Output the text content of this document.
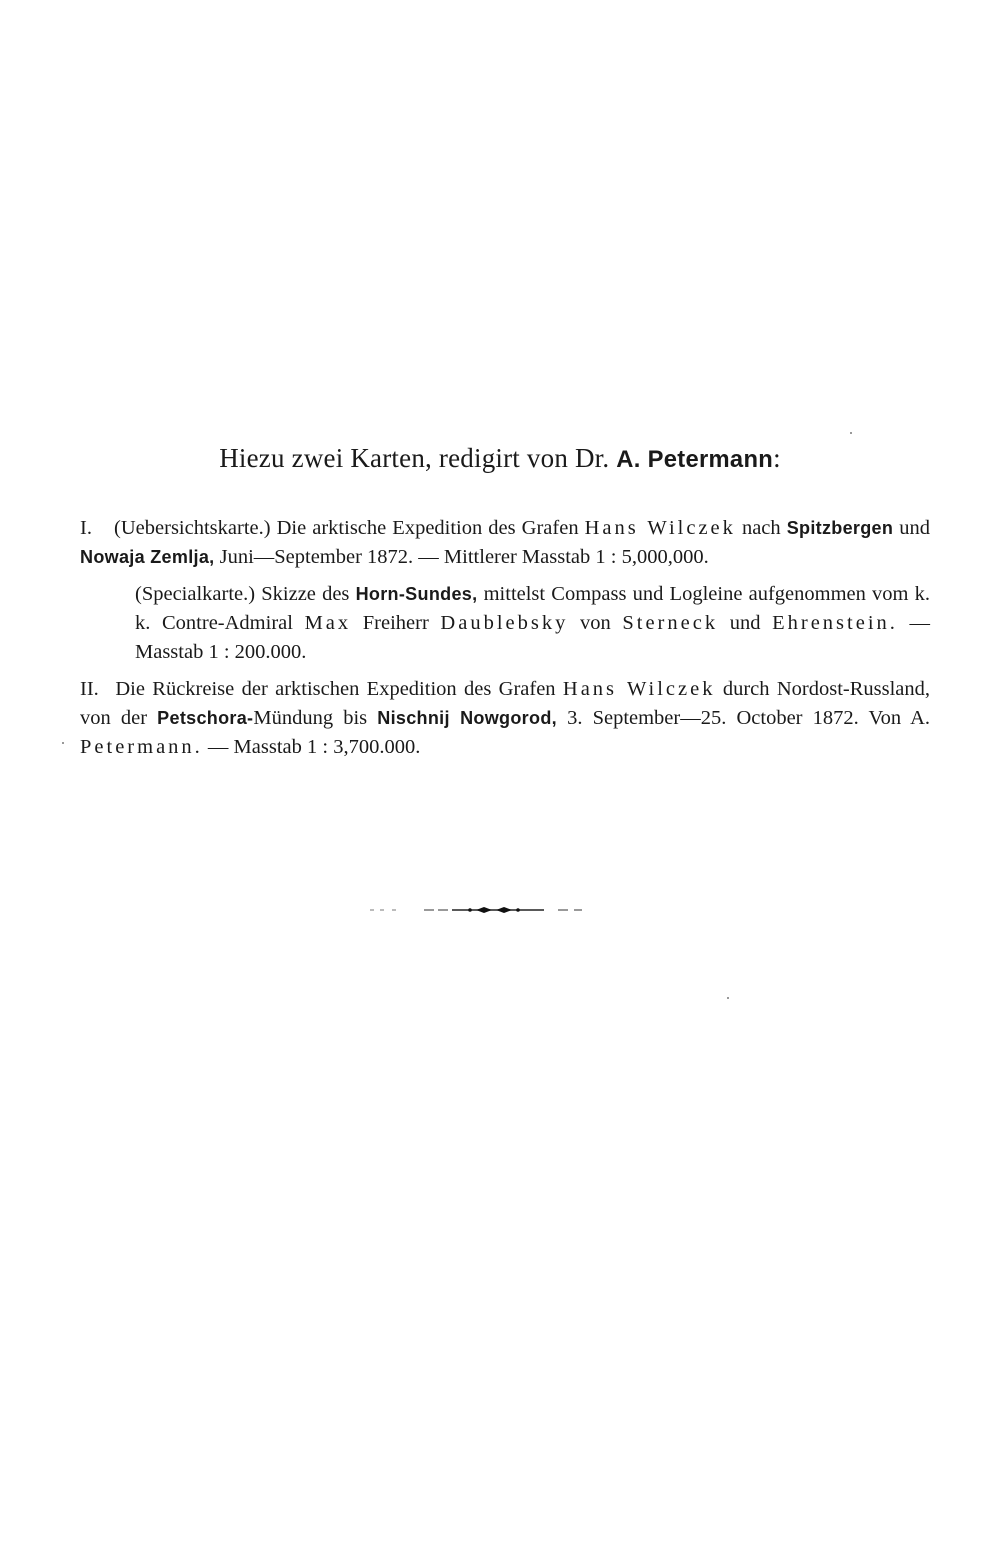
Hiezu zwei Karten, redigirt von Dr. A. Petermann:

I. (Uebersichtskarte.) Die arktische Expedition des Grafen Hans Wilczek nach Spitzbergen und Nowaja Zemlja, Juni—September 1872. — Mittlerer Masstab 1 : 5,000,000.

(Specialkarte.) Skizze des Horn-Sundes, mittelst Compass und Logleine aufgenommen vom k. k. Contre-Admiral Max Freiherr Daublebsky von Sterneck und Ehrenstein. — Masstab 1 : 200.000.

II. Die Rückreise der arktischen Expedition des Grafen Hans Wilczek durch Nordost-Russland, von der Petschora-Mündung bis Nischnij Nowgorod, 3. September—25. October 1872. Von A. Petermann. — Masstab 1 : 3,700.000.
